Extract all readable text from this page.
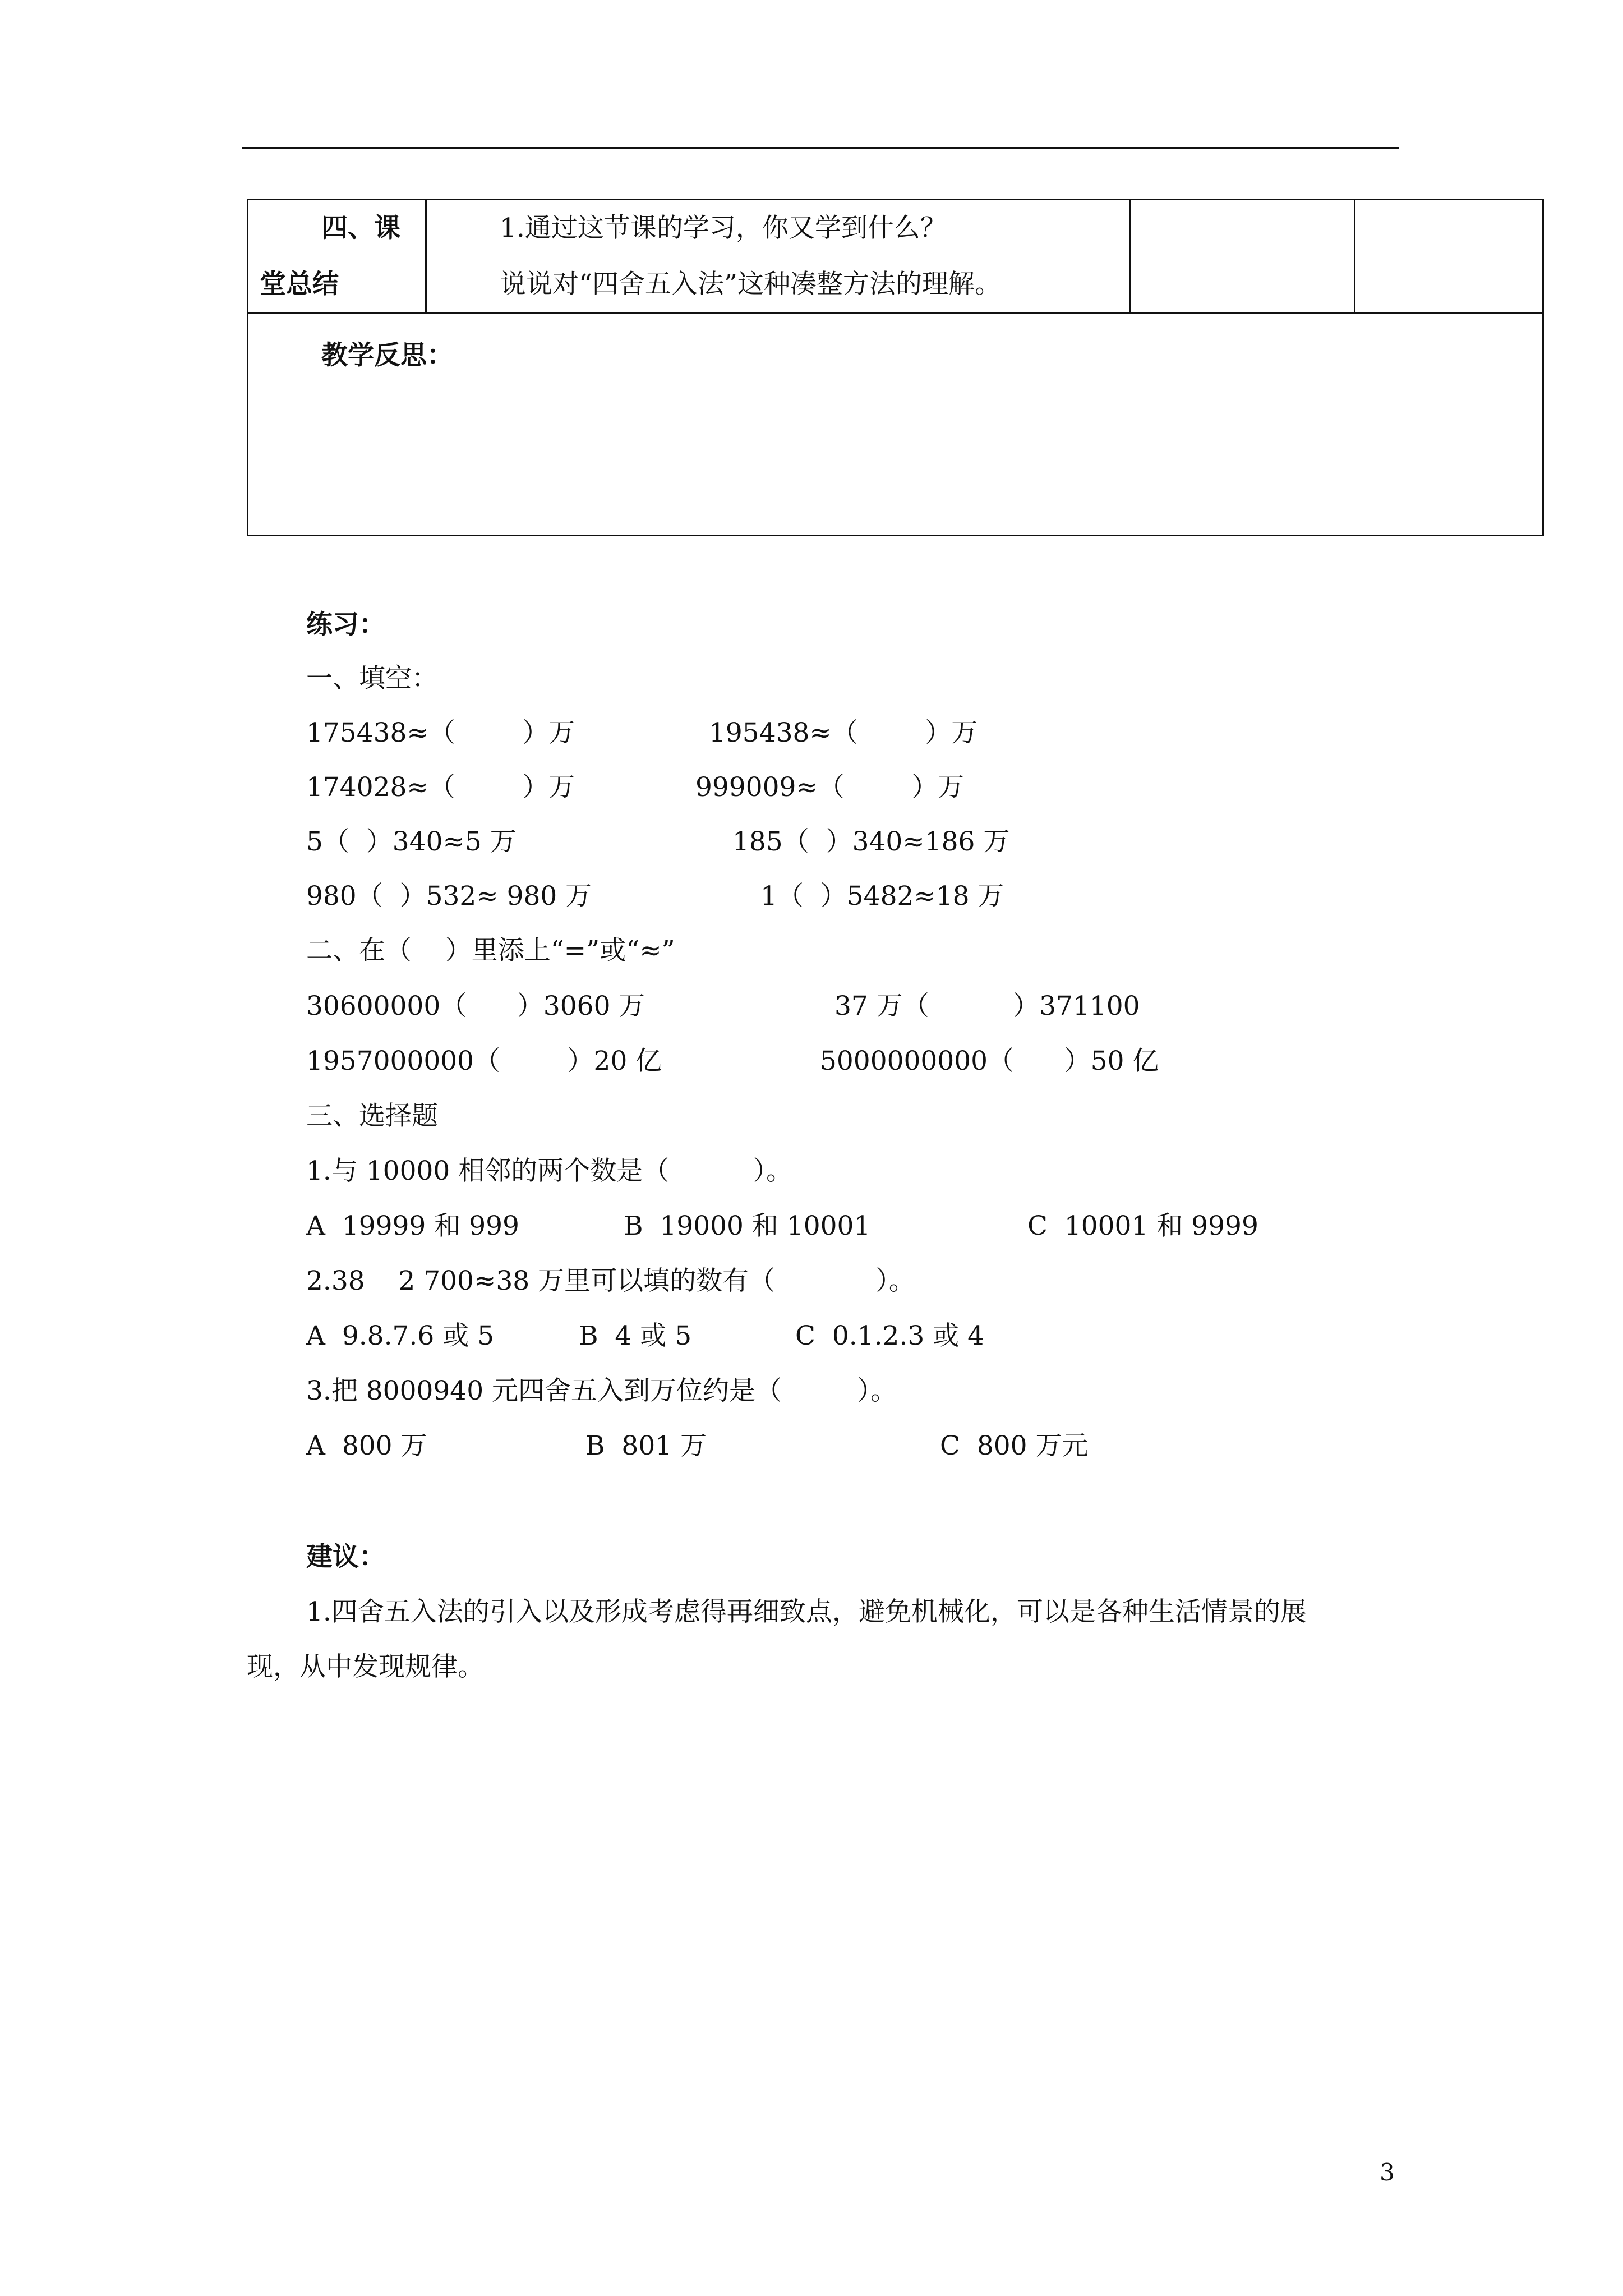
四、课
堂总结

1.通过这节课的学习，你又学到什么？
说说对“四舍五入法”这种凑整方法的理解。

教学反思：
练习：
一、填空：
175438≈（        ）万	195438≈（        ）万
174028≈（        ）万	999009≈（        ）万
5（  ）340≈5 万	185（  ）340≈186 万
980（  ）532≈ 980 万	1（  ）5482≈18 万
二、在（    ）里添上“=”或“≈”
30600000（      ）3060 万	37 万（          ）371100
1957000000（        ）20 亿	5000000000（      ）50 亿
三、选择题
1.与 10000 相邻的两个数是（          ）。
A  19999 和 999	B  19000 和 10001	C  10001 和 9999
2.38    2 700≈38 万里可以填的数有（            ）。
A  9.8.7.6 或 5	B  4 或 5	C  0.1.2.3 或 4
3.把 8000940 元四舍五入到万位约是（         ）。
A  800 万	B  801 万	C  800 万元
建议：
1.四舍五入法的引入以及形成考虑得再细致点，避免机械化，可以是各种生活情景的展
现，从中发现规律。
3
